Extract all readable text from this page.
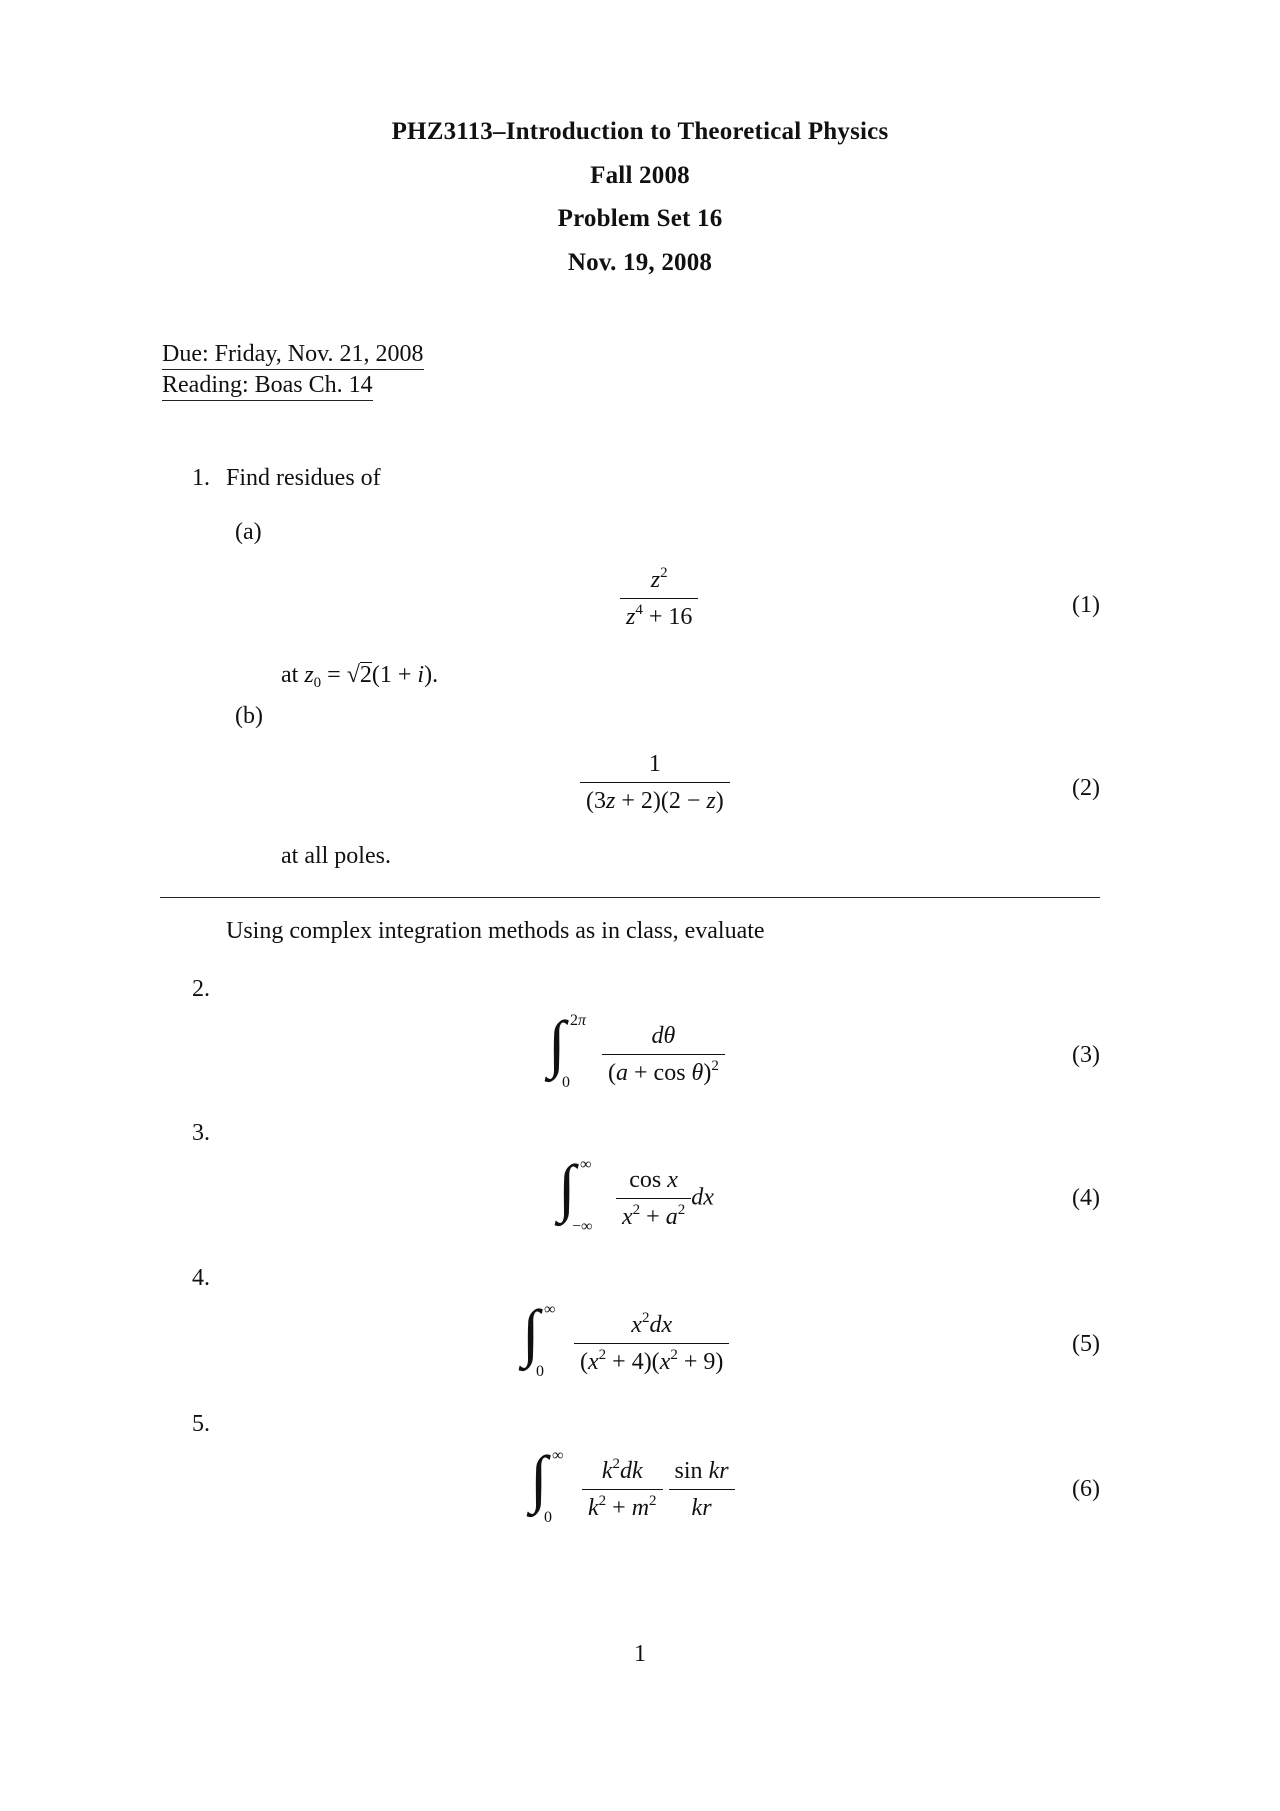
PHZ3113–Introduction to Theoretical Physics
Fall 2008
Problem Set 16
Nov. 19, 2008
Due: Friday, Nov. 21, 2008
Reading: Boas Ch. 14
1. Find residues of
(a)
$\frac{z^2}{z^4 + 16}$	(1)
at $z_0 = √2(1 + i)$.
(b)
$\frac{1}{(3z + 2)(2 - z)}$	(2)
at all poles.
Using complex integration methods as in class, evaluate
2.
∫ 2π
0
$\frac{d\theta}{(a + \cos \theta)^2}$	(3)
3.
∫ ∞
−∞
$\frac{\text{cos x}}{x^2 + a^2}$ dx	(4)
4.
∫ ∞
0
$\frac{x^2dx}{(x^2 + 4)(x^2 + 9)}$	(5)
5.
∫ ∞
0
$\frac{k^2dk}{k^2 + m^2}$
$\frac{\text{sin kr}}{kr}$	(6)
1
